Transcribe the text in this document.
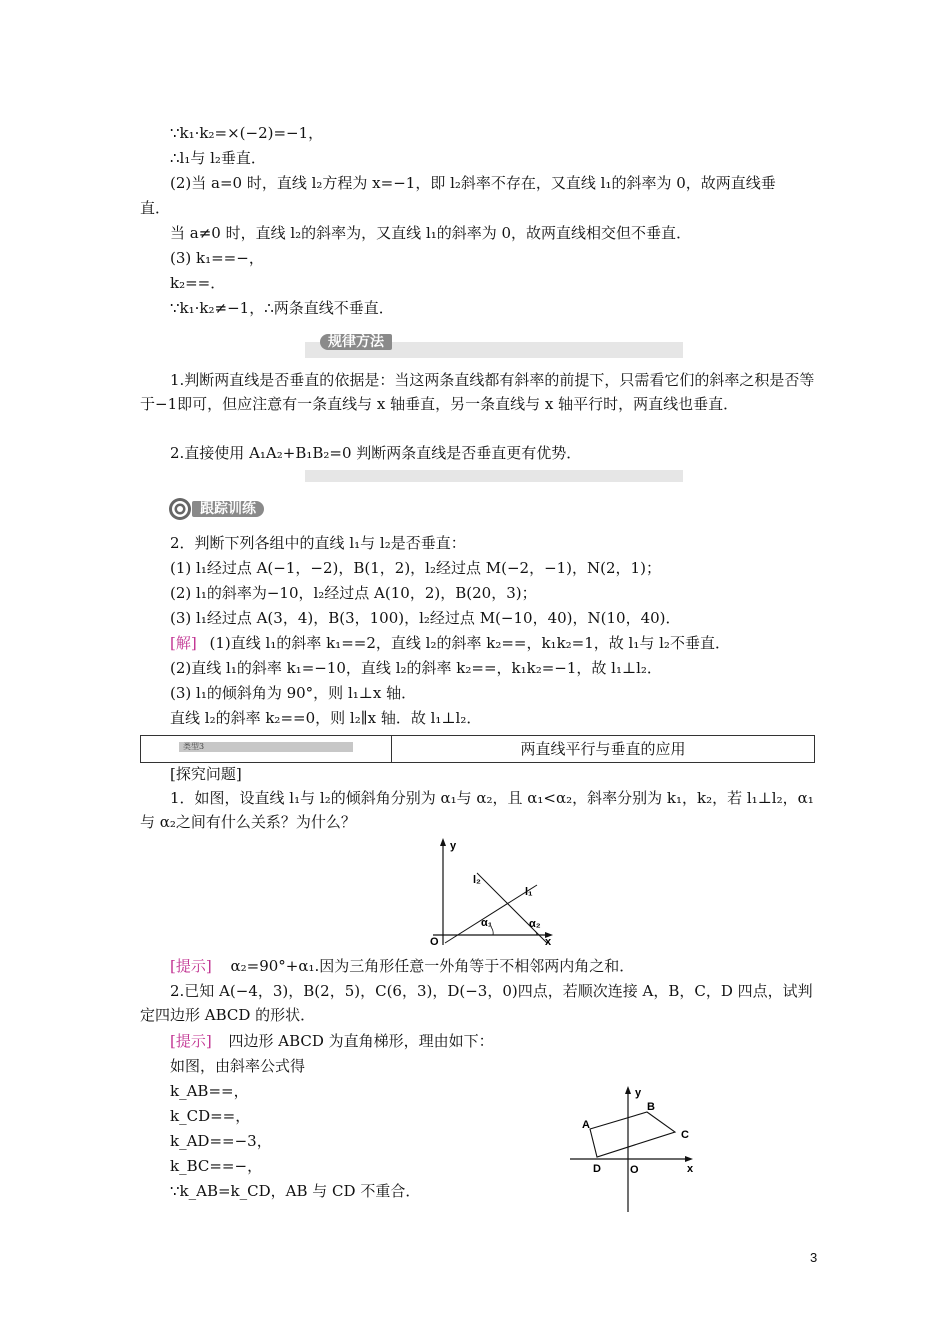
∵k₁·k₂=×(−2)=−1，
∴l₁与 l₂垂直．
(2)当 a=0 时，直线 l₂方程为 x=−1，即 l₂斜率不存在，又直线 l₁的斜率为 0，故两直线垂
直．
当 a≠0 时，直线 l₂的斜率为，又直线 l₁的斜率为 0，故两直线相交但不垂直．
(3) k₁==−，
k₂==．
∵k₁·k₂≠−1，∴两条直线不垂直．
规律方法
1.判断两直线是否垂直的依据是：当这两条直线都有斜率的前提下，只需看它们的斜率之积是否等于−1即可，但应注意有一条直线与 x 轴垂直，另一条直线与 x 轴平行时，两直线也垂直．
2.直接使用 A₁A₂+B₁B₂=0 判断两条直线是否垂直更有优势．
跟踪训练
2．判断下列各组中的直线 l₁与 l₂是否垂直：
(1) l₁经过点 A(−1，−2)，B(1，2)，l₂经过点 M(−2，−1)，N(2，1)；
(2) l₁的斜率为−10，l₂经过点 A(10，2)，B(20，3)；
(3) l₁经过点 A(3，4)，B(3，100)，l₂经过点 M(−10，40)，N(10，40)．
[解] (1)直线 l₁的斜率 k₁==2，直线 l₂的斜率 k₂==，k₁k₂=1，故 l₁与 l₂不垂直．
(2)直线 l₁的斜率 k₁=−10，直线 l₂的斜率 k₂==，k₁k₂=−1，故 l₁⊥l₂．
(3) l₁的倾斜角为 90°，则 l₁⊥x 轴．
直线 l₂的斜率 k₂==0，则 l₂∥x 轴．故 l₁⊥l₂．
类型3	两直线平行与垂直的应用
[探究问题]
1．如图，设直线 l₁与 l₂的倾斜角分别为 α₁与 α₂，且 α₁<α₂，斜率分别为 k₁，k₂，若 l₁⊥l₂，α₁与 α₂之间有什么关系？为什么？
y
x
O
l₁
l₂
α₁	α₂
[提示] α₂=90°+α₁.因为三角形任意一外角等于不相邻两内角之和．
2.已知 A(−4，3)，B(2，5)，C(6，3)，D(−3，0)四点，若顺次连接 A，B，C，D 四点，试判定四边形 ABCD 的形状．
[提示] 四边形 ABCD 为直角梯形，理由如下：
如图，由斜率公式得
k_AB==，
k_CD==，
k_AD==−3，
k_BC==−，
∵k_AB=k_CD，AB 与 CD 不重合．
y
x
O
A
B
C
D
3
